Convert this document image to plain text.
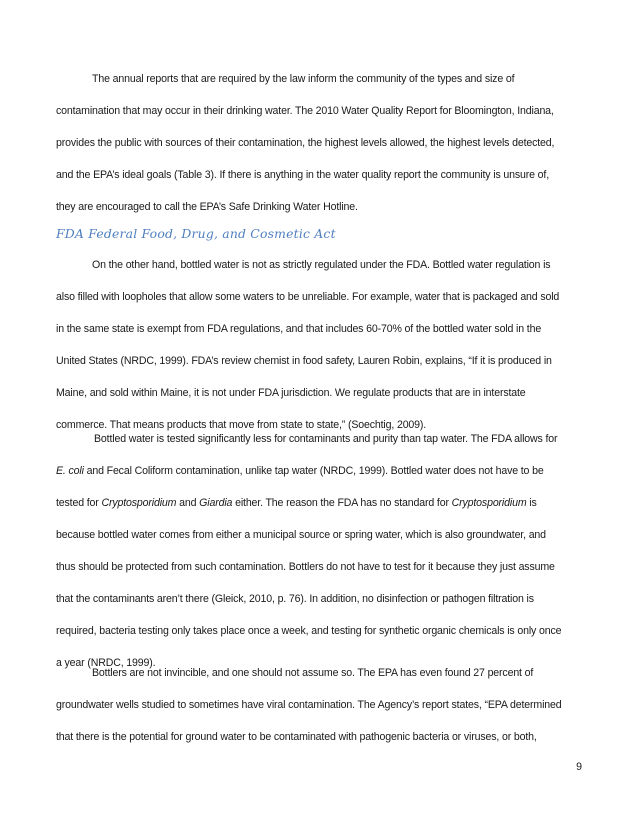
The annual reports that are required by the law inform the community of the types and size of
contamination that may occur in their drinking water. The 2010 Water Quality Report for Bloomington, Indiana,
provides the public with sources of their contamination, the highest levels allowed, the highest levels detected,
and the EPA’s ideal goals (Table 3). If there is anything in the water quality report the community is unsure of,
they are encouraged to call the EPA’s Safe Drinking Water Hotline.
FDA Federal Food, Drug, and Cosmetic Act
On the other hand, bottled water is not as strictly regulated under the FDA. Bottled water regulation is
also filled with loopholes that allow some waters to be unreliable. For example, water that is packaged and sold
in the same state is exempt from FDA regulations, and that includes 60-70% of the bottled water sold in the
United States (NRDC, 1999). FDA’s review chemist in food safety, Lauren Robin, explains, “If it is produced in
Maine, and sold within Maine, it is not under FDA jurisdiction. We regulate products that are in interstate
commerce. That means products that move from state to state,” (Soechtig, 2009).
Bottled water is tested significantly less for contaminants and purity than tap water. The FDA allows for
E. coli and Fecal Coliform contamination, unlike tap water (NRDC, 1999). Bottled water does not have to be
tested for Cryptosporidium and Giardia either. The reason the FDA has no standard for Cryptosporidium is
because bottled water comes from either a municipal source or spring water, which is also groundwater, and
thus should be protected from such contamination. Bottlers do not have to test for it because they just assume
that the contaminants aren’t there (Gleick, 2010, p. 76). In addition, no disinfection or pathogen filtration is
required, bacteria testing only takes place once a week, and testing for synthetic organic chemicals is only once
a year (NRDC, 1999).
Bottlers are not invincible, and one should not assume so. The EPA has even found 27 percent of
groundwater wells studied to sometimes have viral contamination. The Agency’s report states, “EPA determined
that there is the potential for ground water to be contaminated with pathogenic bacteria or viruses, or both,
9
